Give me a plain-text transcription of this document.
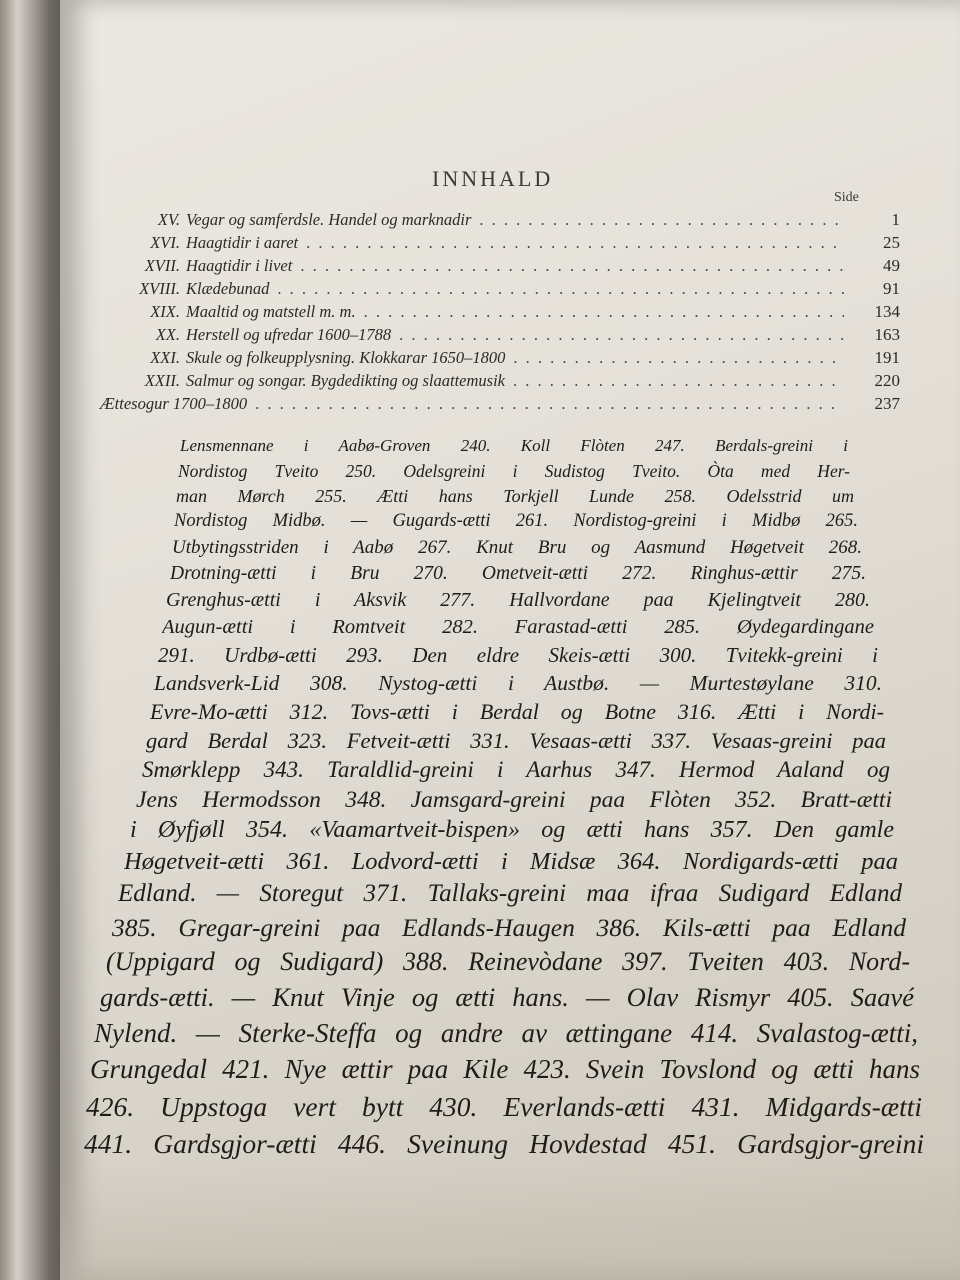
INNHALD
Side
XV. Vegar og samferdsle. Handel og marknadir . . .	1
XVI. Haagtidir i aaret . . .	25
XVII. Haagtidir i livet . . .	49
XVIII. Klædebunad . . .	91
XIX. Maaltid og matstell m. m. . . .	134
XX. Herstell og ufredar 1600–1788 . . .	163
XXI. Skule og folkeupplysning. Klokkarar 1650–1800 . . .	191
XXII. Salmur og songar. Bygdedikting og slaattemusik . . .	220
Ættesogur 1700–1800 . . .	237
Lensmennane i Aabø-Groven 240. Koll Flòten 247. Berdals-greini i
Nordistog Tveito 250. Odelsgreini i Sudistog Tveito. Òta med Her-
man Mørch 255. Ætti hans Torkjell Lunde 258. Odelsstrid um
Nordistog Midbø. — Gugards-ætti 261. Nordistog-greini i Midbø 265.
Utbytingsstriden i Aabø 267. Knut Bru og Aasmund Høgetveit 268.
Drotning-ætti i Bru 270. Ometveit-ætti 272. Ringhus-ættir 275.
Grenghus-ætti i Aksvik 277. Hallvordane paa Kjelingtveit 280.
Augun-ætti i Romtveit 282. Farastad-ætti 285. Øydegardingane
291. Urdbø-ætti 293. Den eldre Skeis-ætti 300. Tvitekk-greini i
Landsverk-Lid 308. Nystog-ætti i Austbø. — Murtestøylane 310.
Evre-Mo-ætti 312. Tovs-ætti i Berdal og Botne 316. Ætti i Nordi-
gard Berdal 323. Fetveit-ætti 331. Vesaas-ætti 337. Vesaas-greini paa
Smørklepp 343. Taraldlid-greini i Aarhus 347. Hermod Aaland og
Jens Hermodsson 348. Jamsgard-greini paa Flòten 352. Bratt-ætti
i Øyfjøll 354. «Vaamartveit-bispen» og ætti hans 357. Den gamle
Høgetveit-ætti 361. Lodvord-ætti i Midsæ 364. Nordigards-ætti paa
Edland. — Storegut 371. Tallaks-greini maa ifraa Sudigard Edland
385. Gregar-greini paa Edlands-Haugen 386. Kils-ætti paa Edland
(Uppigard og Sudigard) 388. Reinevòdane 397. Tveiten 403. Nord-
gards-ætti. — Knut Vinje og ætti hans. — Olav Rismyr 405. Saavé
Nylend. — Sterke-Steffa og andre av ættingane 414. Svalastog-ætti,
Grungedal 421. Nye ættir paa Kile 423. Svein Tovslond og ætti hans
426. Uppstoga vert bytt 430. Everlands-ætti 431. Midgards-ætti
441. Gardsgjor-ætti 446. Sveinung Hovdestad 451. Gardsgjor-greini
